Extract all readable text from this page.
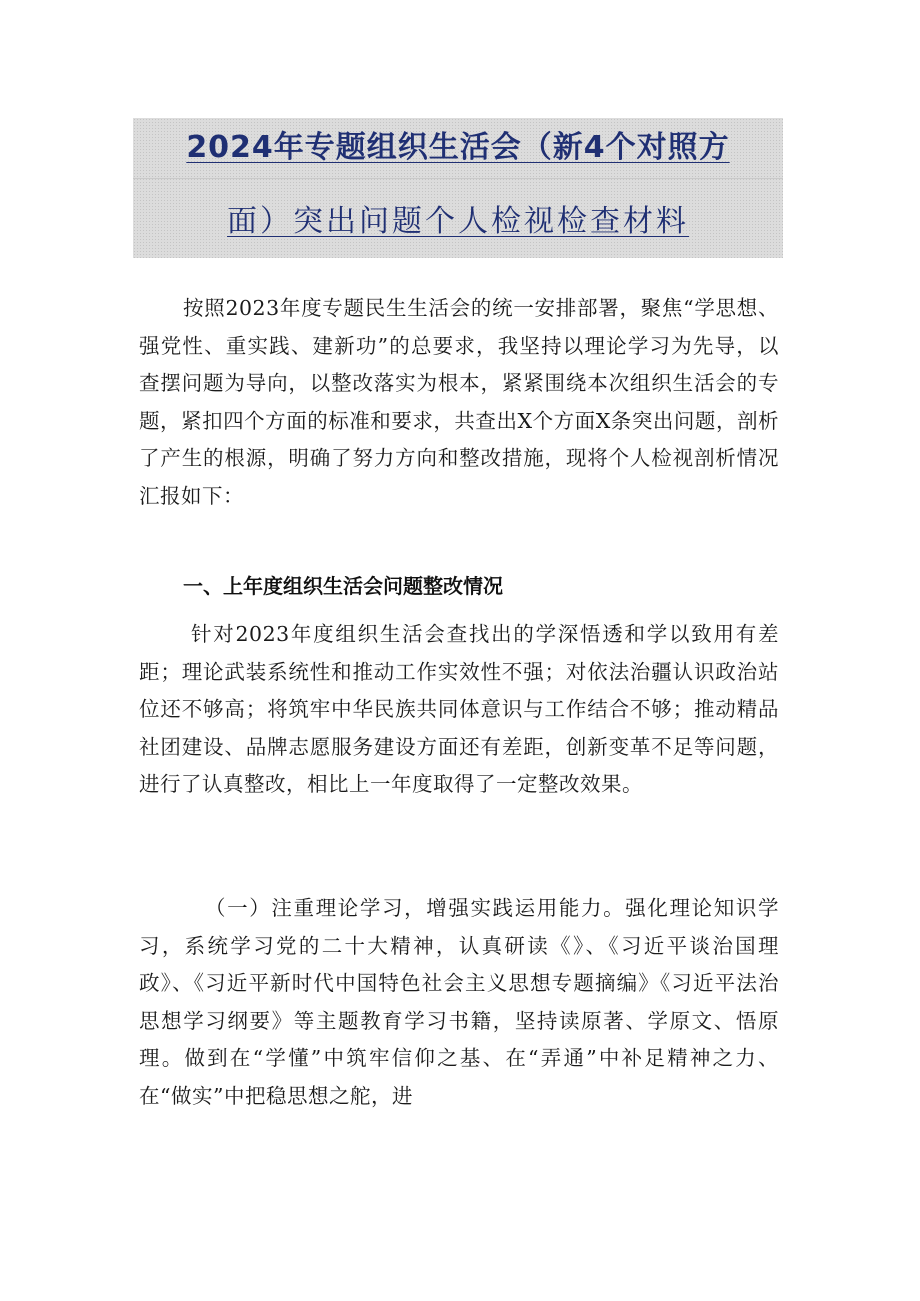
2024年专题组织生活会（新4个对照方
面）突出问题个人检视检查材料

按照2023年度专题民生生活会的统一安排部署，聚焦“学思想、强党性、重实践、建新功”的总要求，我坚持以理论学习为先导，以查摆问题为导向，以整改落实为根本，紧紧围绕本次组织生活会的专题，紧扣四个方面的标准和要求，共查出X个方面X条突出问题，剖析了产生的根源，明确了努力方向和整改措施，现将个人检视剖析情况汇报如下：

一、上年度组织生活会问题整改情况

针对2023年度组织生活会查找出的学深悟透和学以致用有差距；理论武装系统性和推动工作实效性不强；对依法治疆认识政治站位还不够高；将筑牢中华民族共同体意识与工作结合不够；推动精品社团建设、品牌志愿服务建设方面还有差距，创新变革不足等问题，进行了认真整改，相比上一年度取得了一定整改效果。

（一）注重理论学习，增强实践运用能力。强化理论知识学习，系统学习党的二十大精神，认真研读《》、《习近平谈治国理政》、《习近平新时代中国特色社会主义思想专题摘编》《习近平法治思想学习纲要》等主题教育学习书籍，坚持读原著、学原文、悟原理。做到在“学懂”中筑牢信仰之基、在“弄通”中补足精神之力、在“做实”中把稳思想之舵，进
